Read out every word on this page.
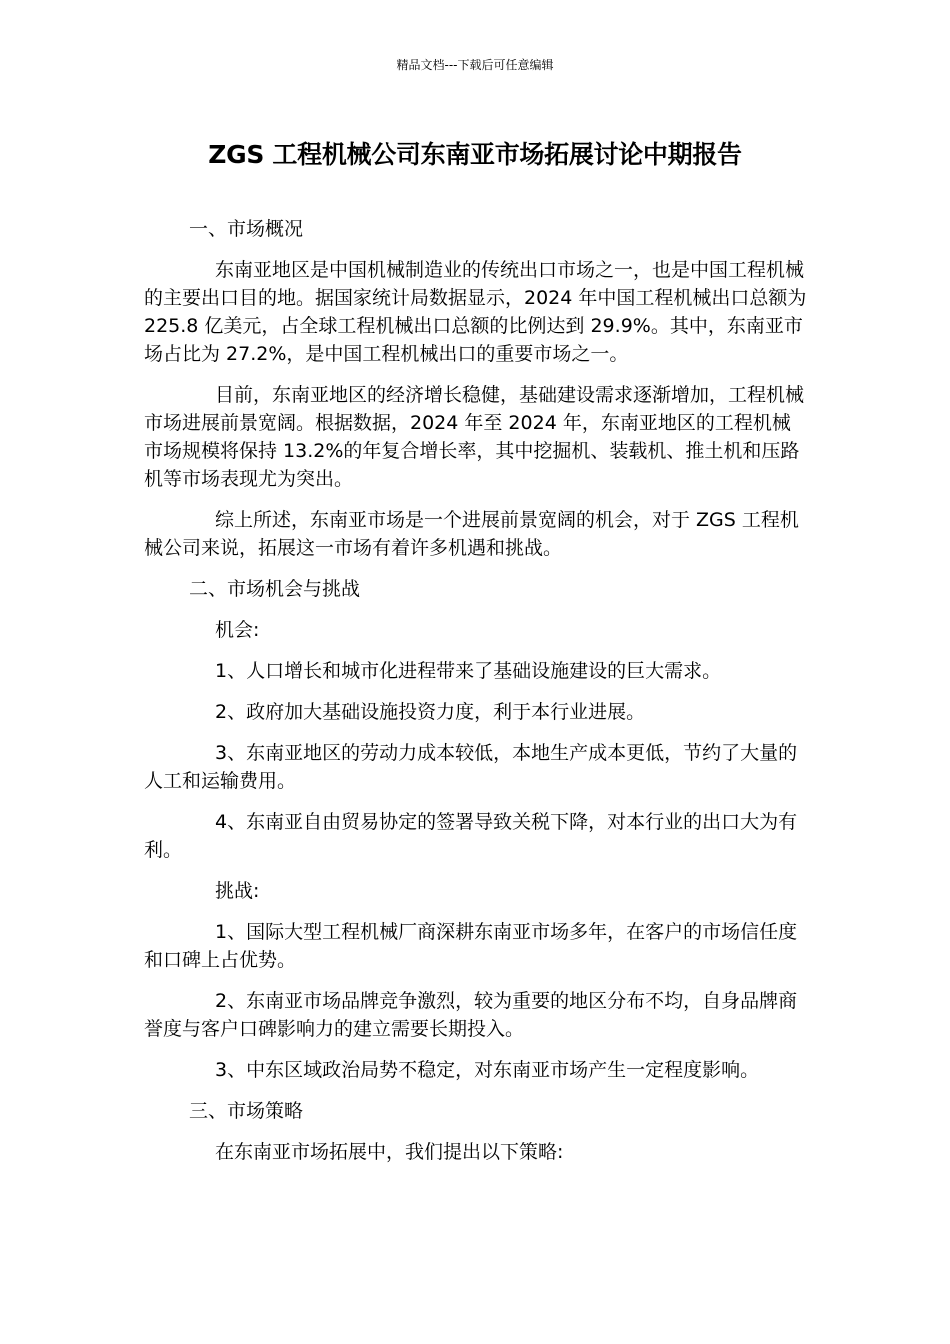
精品文档---下载后可任意编辑
ZGS 工程机械公司东南亚市场拓展讨论中期报告

一、市场概况

东南亚地区是中国机械制造业的传统出口市场之一，也是中国工程机械的主要出口目的地。据国家统计局数据显示，2024 年中国工程机械出口总额为 225.8 亿美元，占全球工程机械出口总额的比例达到 29.9%。其中，东南亚市场占比为 27.2%，是中国工程机械出口的重要市场之一。

目前，东南亚地区的经济增长稳健，基础建设需求逐渐增加，工程机械市场进展前景宽阔。根据数据，2024 年至 2024 年，东南亚地区的工程机械市场规模将保持 13.2%的年复合增长率，其中挖掘机、装载机、推土机和压路机等市场表现尤为突出。

综上所述，东南亚市场是一个进展前景宽阔的机会，对于 ZGS 工程机械公司来说，拓展这一市场有着许多机遇和挑战。

二、市场机会与挑战

机会:

1、人口增长和城市化进程带来了基础设施建设的巨大需求。

2、政府加大基础设施投资力度，利于本行业进展。

3、东南亚地区的劳动力成本较低，本地生产成本更低，节约了大量的人工和运输费用。

4、东南亚自由贸易协定的签署导致关税下降，对本行业的出口大为有利。

挑战:

1、国际大型工程机械厂商深耕东南亚市场多年，在客户的市场信任度和口碑上占优势。

2、东南亚市场品牌竞争激烈，较为重要的地区分布不均，自身品牌商誉度与客户口碑影响力的建立需要长期投入。

3、中东区域政治局势不稳定，对东南亚市场产生一定程度影响。

三、市场策略

在东南亚市场拓展中，我们提出以下策略:
